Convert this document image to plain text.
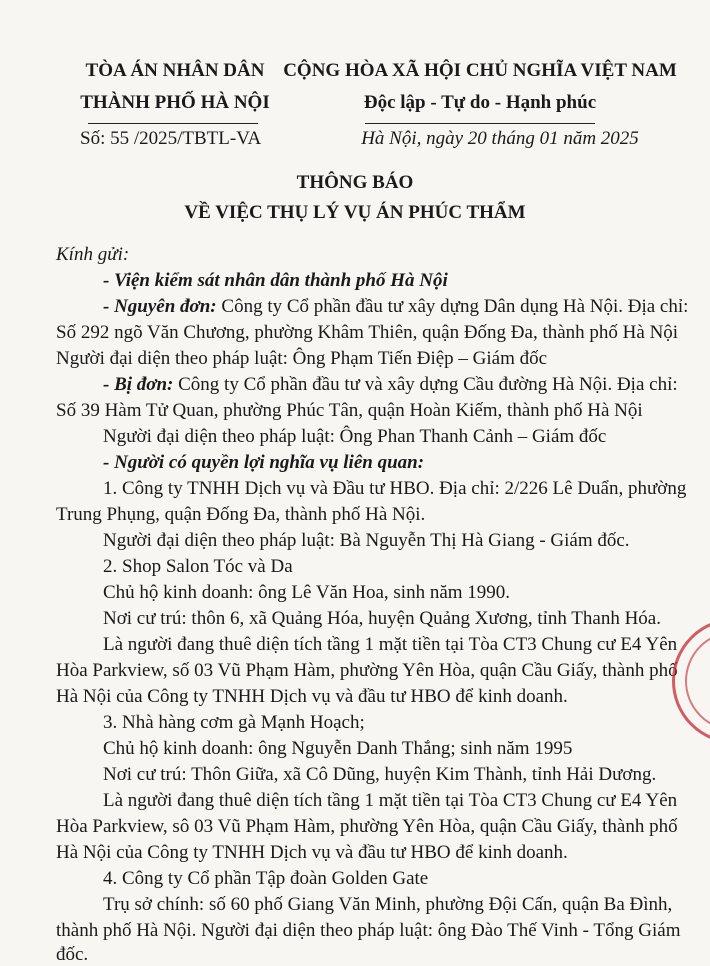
TÒA ÁN NHÂN DÂN
THÀNH PHỐ HÀ NỘI
Số: 55 /2025/TBTL-VA
CỘNG HÒA XÃ HỘI CHỦ NGHĨA VIỆT NAM
Độc lập - Tự do - Hạnh phúc
Hà Nội, ngày 20 tháng 01 năm 2025
THÔNG BÁO
VỀ VIỆC THỤ LÝ VỤ ÁN PHÚC THẨM
Kính gửi:
- Viện kiểm sát nhân dân thành phố Hà Nội
- Nguyên đơn: Công ty Cổ phần đầu tư xây dựng Dân dụng Hà Nội. Địa chỉ:
Số 292 ngõ Văn Chương, phường Khâm Thiên, quận Đống Đa, thành phố Hà Nội
Người đại diện theo pháp luật: Ông Phạm Tiến Điệp – Giám đốc
- Bị đơn: Công ty Cổ phần đầu tư và xây dựng Cầu đường Hà Nội. Địa chỉ:
Số 39 Hàm Tử Quan, phường Phúc Tân, quận Hoàn Kiếm, thành phố Hà Nội
Người đại diện theo pháp luật: Ông Phan Thanh Cảnh – Giám đốc
- Người có quyền lợi nghĩa vụ liên quan:
1. Công ty TNHH Dịch vụ và Đầu tư HBO. Địa chỉ: 2/226 Lê Duẩn, phường
Trung Phụng, quận Đống Đa, thành phố Hà Nội.
Người đại diện theo pháp luật: Bà Nguyễn Thị Hà Giang - Giám đốc.
2. Shop Salon Tóc và Da
Chủ hộ kinh doanh: ông Lê Văn Hoa, sinh năm 1990.
Nơi cư trú: thôn 6, xã Quảng Hóa, huyện Quảng Xương, tỉnh Thanh Hóa.
Là người đang thuê diện tích tầng 1 mặt tiền tại Tòa CT3 Chung cư E4 Yên
Hòa Parkview, số 03 Vũ Phạm Hàm, phường Yên Hòa, quận Cầu Giấy, thành phố
Hà Nội của Công ty TNHH Dịch vụ và đầu tư HBO để kinh doanh.
3. Nhà hàng cơm gà Mạnh Hoạch;
Chủ hộ kinh doanh: ông Nguyễn Danh Thắng; sinh năm 1995
Nơi cư trú: Thôn Giữa, xã Cô Dũng, huyện Kim Thành, tỉnh Hải Dương.
Là người đang thuê diện tích tầng 1 mặt tiền tại Tòa CT3 Chung cư E4 Yên
Hòa Parkview, sô 03 Vũ Phạm Hàm, phường Yên Hòa, quận Cầu Giấy, thành phố
Hà Nội của Công ty TNHH Dịch vụ và đầu tư HBO để kinh doanh.
4. Công ty Cổ phần Tập đoàn Golden Gate
Trụ sở chính: số 60 phố Giang Văn Minh, phường Đội Cấn, quận Ba Đình,
thành phố Hà Nội. Người đại diện theo pháp luật: ông Đào Thế Vinh - Tổng Giám
đốc.
